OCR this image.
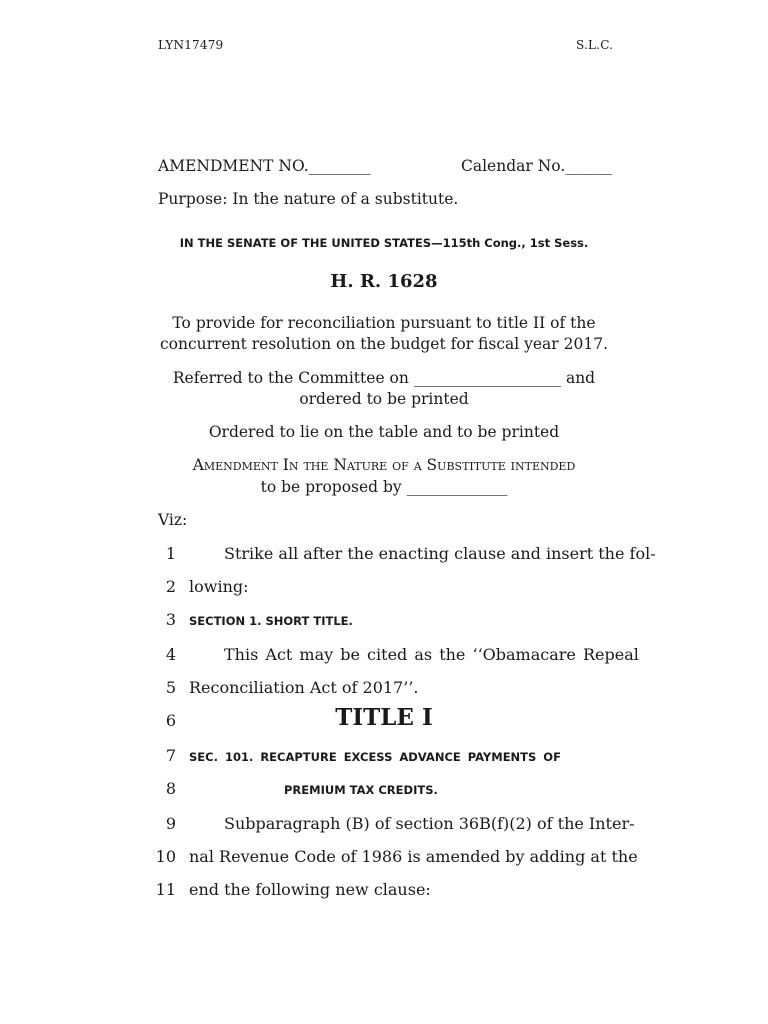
LYN17479	S.L.C.
AMENDMENT NO.________	Calendar No.______
Purpose: In the nature of a substitute.
IN THE SENATE OF THE UNITED STATES—115th Cong., 1st Sess.
H. R. 1628
To provide for reconciliation pursuant to title II of the
concurrent resolution on the budget for fiscal year 2017.
Referred to the Committee on ___________________ and
ordered to be printed
Ordered to lie on the table and to be printed
Amendment In the Nature of a Substitute intended
to be proposed by _____________
Viz:
1	Strike all after the enacting clause and insert the fol-
2 lowing:
3 SECTION 1. SHORT TITLE.
4	This Act may be cited as the ‘‘Obamacare Repeal
5 Reconciliation Act of 2017’’.
6	TITLE I
7 SEC. 101. RECAPTURE EXCESS ADVANCE PAYMENTS OF
8	PREMIUM TAX CREDITS.
9	Subparagraph (B) of section 36B(f)(2) of the Inter-
10 nal Revenue Code of 1986 is amended by adding at the
11 end the following new clause:
